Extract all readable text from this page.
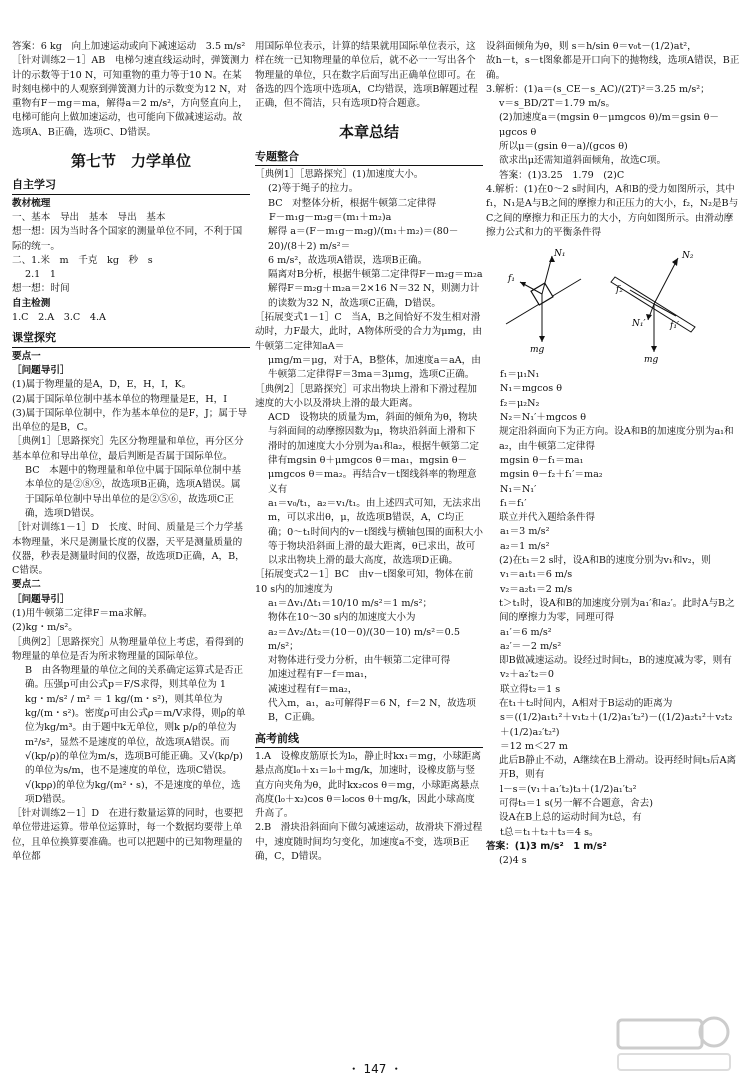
答案：6 kg　向上加速运动或向下减速运动　3.5 m/s²

［针对训练2－1］AB　电梯匀速直线运动时，弹簧测力计的示数等于10 N，可知重物的重力等于10 N。在某时刻电梯中的人观察到弹簧测力计的示数变为12 N，对重物有F－mg＝ma，解得a＝2 m/s²，方向竖直向上，电梯可能向上做加速运动，也可能向下做减速运动。故选项A、B正确，选项C、D错误。

第七节　力学单位
自主学习

教材梳理

一、基本　导出　基本　导出　基本

想一想：因为当时各个国家的测量单位不同，不利于国际的统一。

二、1.米　m　千克　kg　秒　s

2.1　1

想一想：时间

自主检测

1.C　2.A　3.C　4.A

课堂探究

要点一

［问题导引］

(1)属于物理量的是A，D，E，H，I，K。

(2)属于国际单位制中基本单位的物理量是E，H，I

(3)属于国际单位制中，作为基本单位的是F，J；属于导出单位的是B，C。

［典例1］［思路探究］先区分物理量和单位，再分区分基本单位和导出单位，最后判断是否属于国际单位。

BC　本题中的物理量和单位中属于国际单位制中基本单位的是②⑧⑨，故选项B正确，选项A错误。属于国际单位制中导出单位的是②⑤⑥，故选项C正确，选项D错误。

［针对训练1－1］D　长度、时间、质量是三个力学基本物理量，米尺是测量长度的仪器，天平是测量质量的仪器，秒表是测量时间的仪器，故选项D正确，A，B，C错误。

要点二

［问题导引］

(1)用牛顿第二定律F＝ma求解。

(2)kg・m/s²。

［典例2］［思路探究］从物理量单位上考虑，看得到的物理量的单位是否为所求物理量的国际单位。

B　由各物理量的单位之间的关系确定运算式是否正确。压强p可由公式p＝F/S求得，则其单位为 1 kg・m/s² / m² ＝ 1 kg/(m・s²)，则其单位为kg/(m・s²)。密度ρ可由公式ρ＝m/V求得，则ρ的单位为kg/m³。由于题中k无单位，则k p/ρ的单位为m²/s²，显然不是速度的单位，故选项A错误。而√(kp/ρ)的单位为m/s，选项B可能正确。又√(kρ/p)的单位为s/m，也不是速度的单位，选项C错误。√(kpρ)的单位为kg/(m²・s)，不是速度的单位，选项D错误。

［针对训练2－1］D　在进行数量运算的同时，也要把单位带进运算。带单位运算时，每一个数据均要带上单位，且单位换算要准确。也可以把题中的已知物理量的单位都

用国际单位表示，计算的结果就用国际单位表示，这样在统一已知物理量的单位后，就不必一一写出各个物理量的单位，只在数字后面写出正确单位即可。在备选的四个选项中选项A，C均错误，选项B解题过程正确，但不简洁，只有选项D符合题意。

本章总结
专题整合

［典例1］［思路探究］(1)加速度大小。

(2)等于绳子的拉力。

BC　对整体分析，根据牛顿第二定律得

F－m₁g－m₂g＝(m₁＋m₂)a

解得 a＝(F－m₁g－m₂g)/(m₁＋m₂)＝(80－20)/(8＋2) m/s²＝

6 m/s²，故选项A错误，选项B正确。

隔离对B分析，根据牛顿第二定律得F－m₂g＝m₂a

解得F＝m₂g＋m₂a＝2×16 N＝32 N，则测力计的读数为32 N，故选项C正确，D错误。

［拓展变式1－1］C　当A，B之间恰好不发生相对滑动时，力F最大，此时，A物体所受的合力为μmg，由牛顿第二定律知aA＝

μmg/m＝μg，对于A，B整体，加速度a＝aA，由牛顿第二定律得F＝3ma＝3μmg，选项C正确。

［典例2］［思路探究］可求出物块上滑和下滑过程加速度的大小以及滑块上滑的最大距离。

ACD　设物块的质量为m，斜面的倾角为θ，物块与斜面间的动摩擦因数为μ，物块沿斜面上滑和下滑时的加速度大小分别为a₁和a₂，根据牛顿第二定律有mgsin θ＋μmgcos θ＝ma₁，mgsin θ－μmgcos θ＝ma₂。再结合v－t图线斜率的物理意义有

a₁＝v₀/t₁，a₂＝v₁/t₁。由上述四式可知，无法求出m，可以求出θ，μ，故选项B错误，A，C均正确；0～t₁时间内的v－t图线与横轴包围的面积大小等于物块沿斜面上滑的最大距离，θ已求出，故可以求出物块上滑的最大高度，故选项D正确。

［拓展变式2－1］BC　由v－t图象可知，物体在前10 s内的加速度为

a₁＝Δv₁/Δt₁＝10/10 m/s²＝1 m/s²；

物体在10～30 s内的加速度大小为

a₂＝Δv₂/Δt₂＝(10－0)/(30－10) m/s²＝0.5 m/s²；

对物体进行受力分析，由牛顿第二定律可得

加速过程有F－f＝ma₁，

减速过程有f＝ma₂，

代入m，a₁，a₂可解得F＝6 N，f＝2 N，故选项B，C正确。

高考前线

1.A　设橡皮筋原长为l₀，静止时kx₁＝mg，小球距离悬点高度l₀＋x₁＝l₀＋mg/k，加速时，设橡皮筋与竖直方向夹角为θ，此时kx₂cos θ＝mg，小球距离悬点高度(l₀＋x₂)cos θ＝l₀cos θ＋mg/k，因此小球高度升高了。

2.B　滑块沿斜面向下做匀减速运动，故滑块下滑过程中，速度随时间均匀变化，加速度a不变，选项B正确，C，D错误。

设斜面倾角为θ，则 s＝h/sin θ＝v₀t－(1/2)at²，

故h－t，s－t图象都是开口向下的抛物线，选项A错误，B正确。

3.解析：(1)a＝(s_CE－s_AC)/(2T)²＝3.25 m/s²；

v＝s_BD/2T＝1.79 m/s。

(2)加速度a＝(mgsin θ－μmgcos θ)/m＝gsin θ－μgcos θ

所以μ＝(gsin θ－a)/(gcos θ)

欲求出μ还需知道斜面倾角，故选C项。

答案：(1)3.25　1.79　(2)C

4.解析：(1)在0～2 s时间内，A和B的受力如图所示，其中f₁，N₁是A与B之间的摩擦力和正压力的大小，f₂，N₂是B与C之间的摩擦力和正压力的大小，方向如图所示。由滑动摩擦力公式和力的平衡条件得

N₁
f₁
mg
N₂
f₂
N₁′	f₁′
mg

f₁＝μ₁N₁

N₁＝mgcos θ

f₂＝μ₂N₂

N₂＝N₁′＋mgcos θ

规定沿斜面向下为正方向。设A和B的加速度分别为a₁和a₂，由牛顿第二定律得

mgsin θ－f₁＝ma₁

mgsin θ－f₂＋f₁′＝ma₂

N₁＝N₁′

f₁＝f₁′

联立并代入题给条件得

a₁＝3 m/s²

a₂＝1 m/s²

(2)在t₁＝2 s时，设A和B的速度分别为v₁和v₂，则

v₁＝a₁t₁＝6 m/s

v₂＝a₂t₁＝2 m/s

t＞t₁时，设A和B的加速度分别为a₁′和a₂′。此时A与B之间的摩擦力为零，同理可得

a₁′＝6 m/s²

a₂′＝－2 m/s²

即B做减速运动。设经过时间t₂，B的速度减为零，则有

v₂＋a₂′t₂＝0

联立得t₂＝1 s

在t₁＋t₂时间内，A相对于B运动的距离为

s＝((1/2)a₁t₁²＋v₁t₂＋(1/2)a₁′t₂²)－((1/2)a₂t₁²＋v₂t₂＋(1/2)a₂′t₂²)

＝12 m＜27 m

此后B静止不动，A继续在B上滑动。设再经时间t₃后A离开B，则有

l－s＝(v₁＋a₁′t₂)t₃＋(1/2)a₁′t₃²

可得t₃＝1 s(另一解不合题意，舍去)

设A在B上总的运动时间为t总，有

t总＝t₁＋t₂＋t₃＝4 s。

答案：(1)3 m/s²　1 m/s²

(2)4 s

・ 147 ・
